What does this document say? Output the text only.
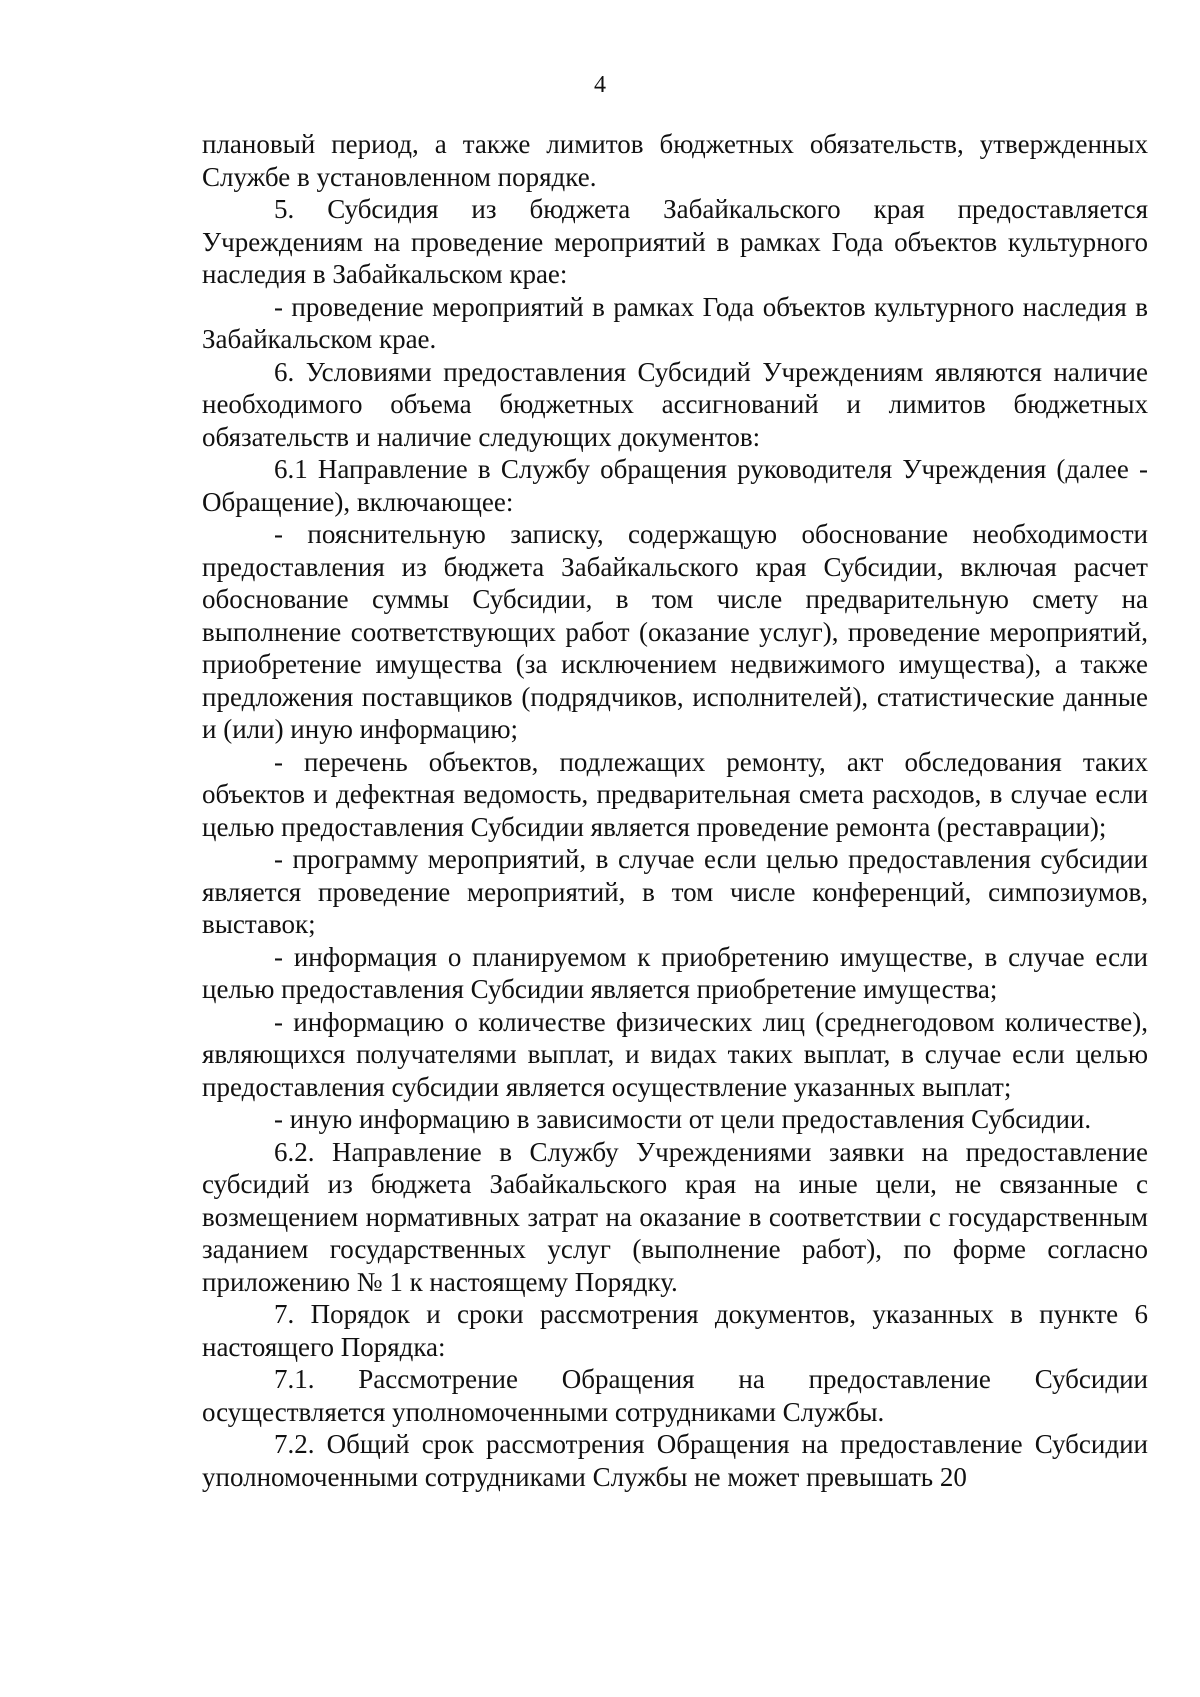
4

плановый период, а также лимитов бюджетных обязательств, утвержденных Службе в установленном порядке.

5. Субсидия из бюджета Забайкальского края предоставляется Учреждениям на проведение мероприятий в рамках Года объектов культурного наследия в Забайкальском крае:

- проведение мероприятий в рамках Года объектов культурного наследия в Забайкальском крае.

6. Условиями предоставления Субсидий Учреждениям являются наличие необходимого объема бюджетных ассигнований и лимитов бюджетных обязательств и наличие следующих документов:

6.1 Направление в Службу обращения руководителя Учреждения (далее - Обращение), включающее:

- пояснительную записку, содержащую обоснование необходимости предоставления из бюджета Забайкальского края Субсидии, включая расчет обоснование суммы Субсидии, в том числе предварительную смету на выполнение соответствующих работ (оказание услуг), проведение мероприятий, приобретение имущества (за исключением недвижимого имущества), а также предложения поставщиков (подрядчиков, исполнителей), статистические данные и (или) иную информацию;

- перечень объектов, подлежащих ремонту, акт обследования таких объектов и дефектная ведомость, предварительная смета расходов, в случае если целью предоставления Субсидии является проведение ремонта (реставрации);

- программу мероприятий, в случае если целью предоставления субсидии является проведение мероприятий, в том числе конференций, симпозиумов, выставок;

- информация о планируемом к приобретению имуществе, в случае если целью предоставления Субсидии является приобретение имущества;

- информацию о количестве физических лиц (среднегодовом количестве), являющихся получателями выплат, и видах таких выплат, в случае если целью предоставления субсидии является осуществление указанных выплат;

- иную информацию в зависимости от цели предоставления Субсидии.

6.2. Направление в Службу Учреждениями заявки на предоставление субсидий из бюджета Забайкальского края на иные цели, не связанные с возмещением нормативных затрат на оказание в соответствии с государственным заданием государственных услуг (выполнение работ), по форме согласно приложению № 1 к настоящему Порядку.

7. Порядок и сроки рассмотрения документов, указанных в пункте 6 настоящего Порядка:

7.1. Рассмотрение Обращения на предоставление Субсидии осуществляется уполномоченными сотрудниками Службы.

7.2. Общий срок рассмотрения Обращения на предоставление Субсидии уполномоченными сотрудниками Службы не может превышать 20
